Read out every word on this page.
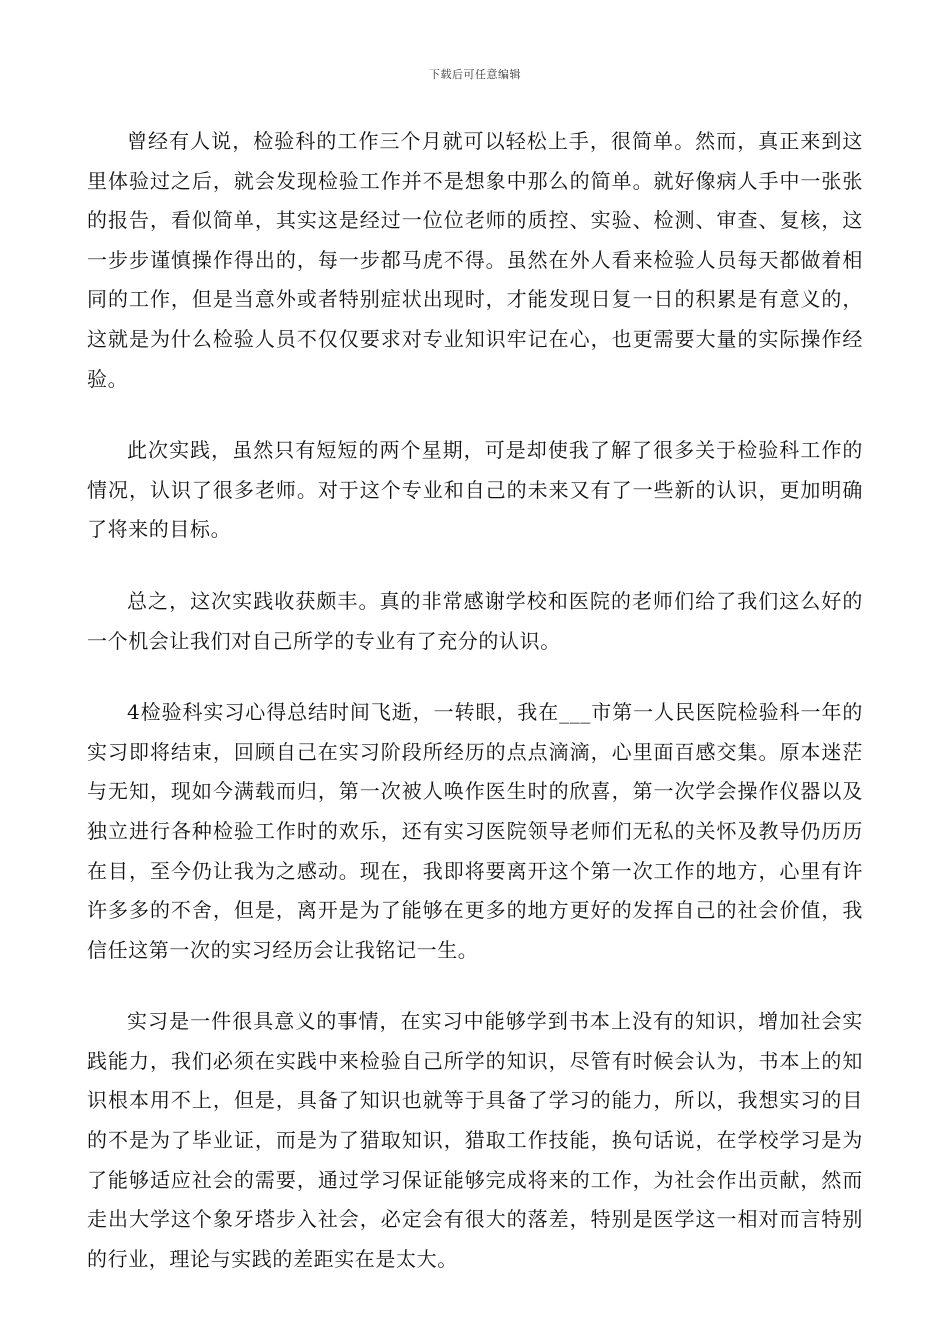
下载后可任意编辑

曾经有人说，检验科的工作三个月就可以轻松上手，很简单。然而，真正来到这里体验过之后，就会发现检验工作并不是想象中那么的简单。就好像病人手中一张张的报告，看似简单，其实这是经过一位位老师的质控、实验、检测、审查、复核，这一步步谨慎操作得出的，每一步都马虎不得。虽然在外人看来检验人员每天都做着相同的工作，但是当意外或者特别症状出现时，才能发现日复一日的积累是有意义的，这就是为什么检验人员不仅仅要求对专业知识牢记在心，也更需要大量的实际操作经验。

此次实践，虽然只有短短的两个星期，可是却使我了解了很多关于检验科工作的情况，认识了很多老师。对于这个专业和自己的未来又有了一些新的认识，更加明确了将来的目标。

总之，这次实践收获颇丰。真的非常感谢学校和医院的老师们给了我们这么好的一个机会让我们对自己所学的专业有了充分的认识。

4检验科实习心得总结时间飞逝，一转眼，我在___市第一人民医院检验科一年的实习即将结束，回顾自己在实习阶段所经历的点点滴滴，心里面百感交集。原本迷茫与无知，现如今满载而归，第一次被人唤作医生时的欣喜，第一次学会操作仪器以及独立进行各种检验工作时的欢乐，还有实习医院领导老师们无私的关怀及教导仍历历在目，至今仍让我为之感动。现在，我即将要离开这个第一次工作的地方，心里有许许多多的不舍，但是，离开是为了能够在更多的地方更好的发挥自己的社会价值，我信任这第一次的实习经历会让我铭记一生。

实习是一件很具意义的事情，在实习中能够学到书本上没有的知识，增加社会实践能力，我们必须在实践中来检验自己所学的知识，尽管有时候会认为，书本上的知识根本用不上，但是，具备了知识也就等于具备了学习的能力，所以，我想实习的目的不是为了毕业证，而是为了猎取知识，猎取工作技能，换句话说，在学校学习是为了能够适应社会的需要，通过学习保证能够完成将来的工作，为社会作出贡献，然而走出大学这个象牙塔步入社会，必定会有很大的落差，特别是医学这一相对而言特别的行业，理论与实践的差距实在是太大。
